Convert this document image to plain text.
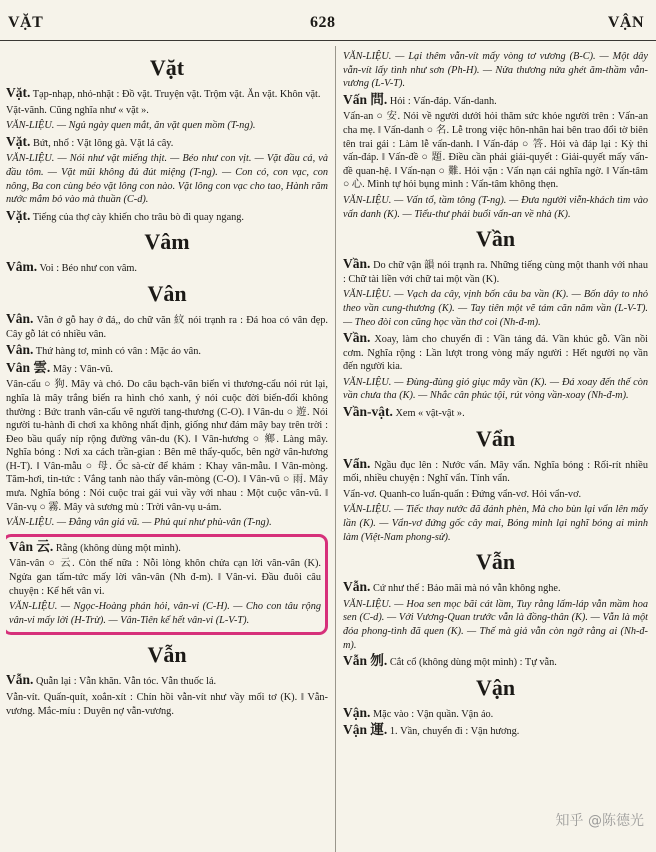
VẶT	628	VẬN
Vặt

Vặt. Tạp-nhạp, nhỏ-nhặt : Đồ vặt. Truyện vặt. Trộm vặt. Ăn vặt. Khôn vặt.

Vặt-vãnh. Cũng nghĩa như « vặt ».

VĂN-LIỆU. — Ngủ ngày quen mắt, ăn vặt quen mồm (T-ng).

Vặt. Bứt, nhổ : Vặt lông gà. Vặt lá cây.

VĂN-LIỆU. — Nói như vặt miếng thịt. — Béo như con vịt. — Vặt đầu cá, và đầu tôm. — Vặt mũi không đủ đút miệng (T-ng). — Con có, con vạc, con nông, Ba con cùng béo vặt lông con nào. Vặt lông con vạc cho tao, Hành răm nước mắm bỏ vào mà thuần (C-d).

Vặt. Tiếng của thợ cày khiến cho trâu bò đi quay ngang.

Vâm

Vâm. Voi : Béo như con vâm.

Vân

Vân. Vằn ở gỗ hay ở đá,, do chữ văn 紋 nói trạnh ra : Đá hoa có vân đẹp. Cây gỗ lát có nhiều vân.

Vân. Thứ hàng tơ, mình có vân : Mặc áo vân.

Vân 雲. Mây : Vân-vũ.

Vân-cẩu ○ 狗. Mây và chó. Do câu bạch-vân biến vi thương-cẩu nói rút lại, nghĩa là mây trắng biến ra hình chó xanh, ý nói cuộc đời biến-đổi không thường : Bức tranh vân-cẩu vẽ người tang-thương (C-O). ‖ Vân-du ○ 遊. Nói người tu-hành đi chơi xa không nhất định, giống như đám mây bay trên trời : Đeo bầu quẩy níp rộng đường vân-du (K). ‖ Vân-hương ○ 鄉. Làng mây. Nghĩa bóng : Nơi xa cách trần-gian : Bên mê thẩy-quốc, bên ngờ vân-hương (H-T). ‖ Vân-mẫu ○ 母. Ốc sà-cừ để khảm : Khay vân-mẫu. ‖ Vân-mòng. Tăm-hơi, tin-tức : Vắng tanh nào thấy vân-mòng (C-O). ‖ Vân-vũ ○ 雨. Mây mưa. Nghĩa bóng : Nói cuộc trai gái vui vầy với nhau : Một cuộc vân-vũ. ‖ Vân-vụ ○ 霧. Mây và sương mù : Trời vân-vụ u-ám.

VĂN-LIỆU. — Đằng vân giá vũ. — Phủ quí như phù-vân (T-ng).

Vân 云. Rằng (không dùng một mình).

Vân-vân ○ 云. Còn thế nữa : Nỗi lòng khôn chửa cạn lời vân-vân (K). Ngửa gan tấm-tức mấy lời vân-vân (Nh đ-m). ‖ Vân-vi. Đầu đuôi câu chuyện : Kể hết vân vi.

VĂN-LIỆU. — Ngọc-Hoàng phán hỏi, vân-vi (C-H). — Cho con tâu rộng vân-vi mấy lời (H-Trừ). — Vân-Tiên kể hết vân-vi (L-V-T).

Vẫn

Vẫn. Quẫn lại : Vẫn khăn. Vẫn tóc. Vẫn thuốc lá.

Vẫn-vít. Quấn-quít, xoắn-xít : Chín hồi vẫn-vít như vầy mối tơ (K). ‖ Vẫn-vương. Mắc-míu : Duyên nợ vẫn-vương.

VĂN-LIỆU. — Lại thêm vẫn-vít mấy vòng tơ vương (B-C). — Một dây vẫn-vít lấy tình như sơn (Ph-H). — Nửa thương nửa ghét ăm-thầm vẫn-vương (L-V-T).

Vấn 問. Hỏi : Vấn-đáp. Vấn-danh.

Vấn-an ○ 安. Nói về người dưới hỏi thăm sức khỏe người trên : Vấn-an cha mẹ. ‖ Vấn-danh ○ 名. Lễ trong việc hôn-nhân hai bên trao đổi tờ biên tên trai gái : Làm lễ vấn-danh. ‖ Vấn-đáp ○ 答. Hỏi và đáp lại : Kỳ thi vấn-đáp. ‖ Vấn-đề ○ 題. Điều cần phải giải-quyết : Giải-quyết mấy vấn-đề quan-hệ. ‖ Vấn-nạn ○ 難. Hỏi vặn : Vấn nạn cái nghĩa ngờ. ‖ Vấn-tâm ○ 心. Mình tự hỏi bụng mình : Vấn-tâm không thẹn.

VĂN-LIỆU. — Vấn tổ, tầm tông (T-ng). — Đưa người viễn-khách tìm vào vấn danh (K). — Tiểu-thư phải buổi vấn-an về nhà (K).

Vần

Vần. Do chữ vận 韻 nói trạnh ra. Những tiếng cùng một thanh với nhau : Chữ tài liền với chữ tai một vần (K).

VĂN-LIỆU. — Vạch da cây, vịnh bốn câu ba vần (K). — Bốn dây to nhỏ theo vần cung-thương (K). — Tay tiên một vẽ tám căn năm vần (L-V-T). — Theo đòi con cũng học vần thơ coi (Nh-đ-m).

Vần. Xoay, làm cho chuyển đi : Vần tảng đá. Vần khúc gỗ. Vần nồi cơm. Nghĩa rộng : Lần lượt trong vòng mấy người : Hết người nọ vần đến người kia.

VĂN-LIỆU. — Đùng-đùng gió giục mây vần (K). — Đá xoay đến thế còn vần chưa tha (K). — Nhắc cân phúc tội, rút vòng vần-xoay (Nh-đ-m).

Vần-vật. Xem « vật-vật ».

Vẩn

Vẩn. Ngầu đục lên : Nước vẩn. Mây vẩn. Nghĩa bóng : Rối-rít nhiều mối, nhiều chuyện : Nghĩ vẩn. Tính vẩn.

Vẩn-vơ. Quanh-co luẩn-quẩn : Đứng vẩn-vơ. Hỏi vẩn-vơ.

VĂN-LIỆU. — Tiếc thay nước đã đánh phèn, Mà cho bùn lại vẩn lên mấy lần (K). — Vẩn-vơ đứng gốc cây mai, Bóng minh lại nghĩ bóng ai mình làm (Việt-Nam phong-sử).

Vẫn

Vẫn. Cứ như thế : Bảo mãi mà nó vẫn không nghe.

VĂN-LIỆU. — Hoa sen mọc bãi cát lầm, Tuy rằng lấm-láp vẫn mầm hoa sen (C-d). — Với Vương-Quan trước vẫn là đồng-thân (K). — Vẫn là một đóa phong-tình đã quen (K). — Thế mà giả vẫn còn ngờ rằng ai (Nh-đ-m).

Vẫn 刎. Cắt cổ (không dùng một mình) : Tự vẫn.

Vận

Vận. Mặc vào : Vận quần. Vận áo.

Vận 運. 1. Vần, chuyển đi : Vận hương.

知乎 @陈德光
